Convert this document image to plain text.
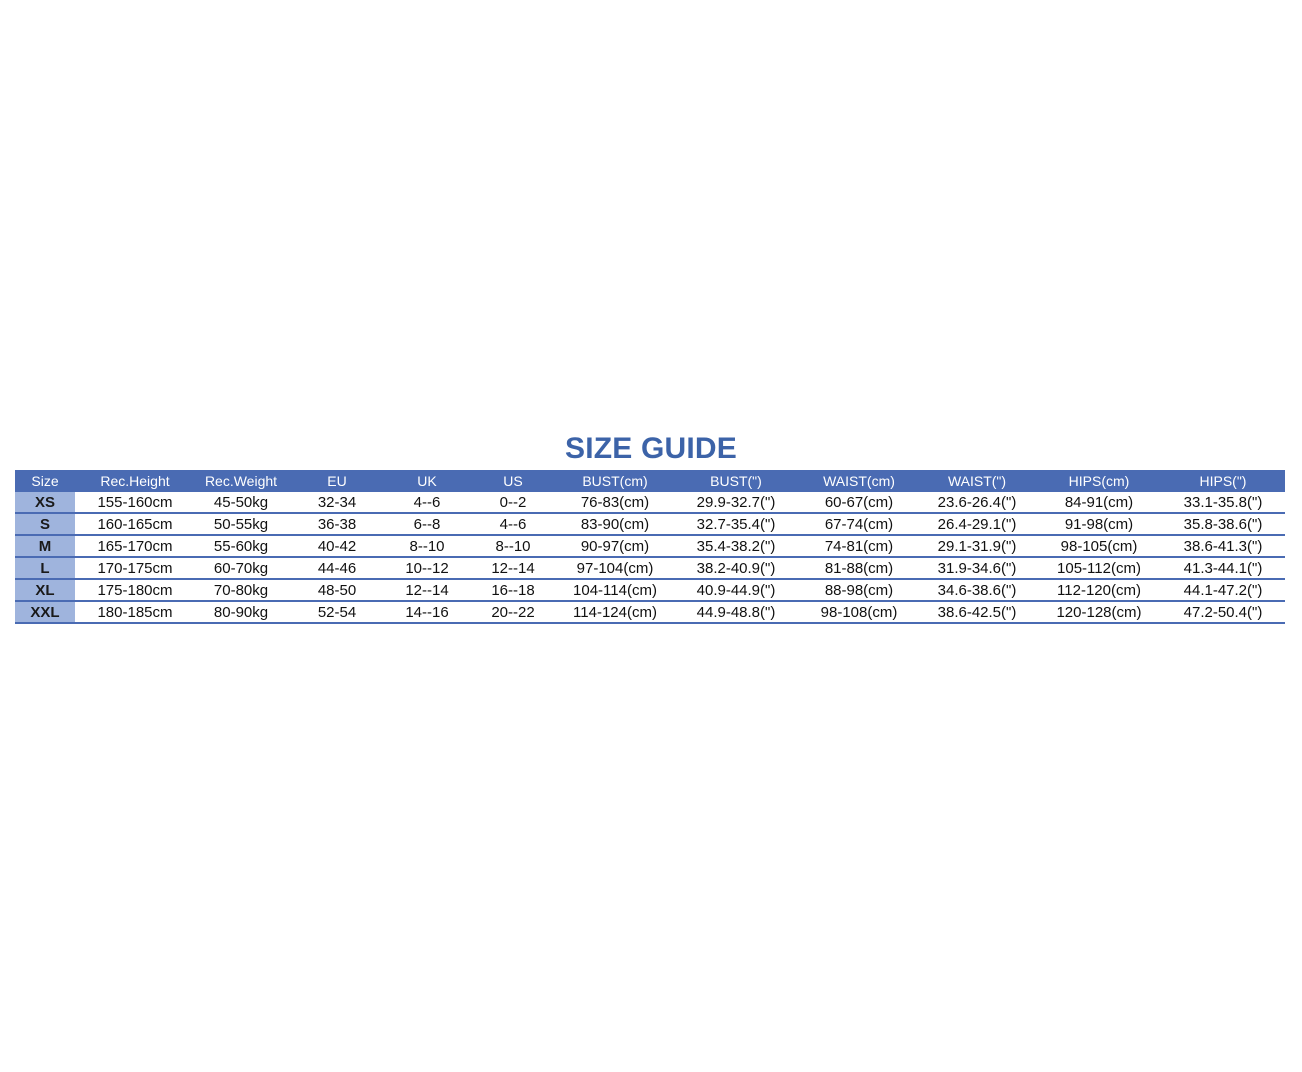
SIZE GUIDE
Size	Rec.Height	Rec.Weight	EU	UK	US	BUST(cm)	BUST(")	WAIST(cm)	WAIST(")	HIPS(cm)	HIPS(")
XS	155-160cm	45-50kg	32-34	4--6	0--2	76-83(cm)	29.9-32.7(")	60-67(cm)	23.6-26.4(")	84-91(cm)	33.1-35.8(")
S	160-165cm	50-55kg	36-38	6--8	4--6	83-90(cm)	32.7-35.4(")	67-74(cm)	26.4-29.1(")	91-98(cm)	35.8-38.6(")
M	165-170cm	55-60kg	40-42	8--10	8--10	90-97(cm)	35.4-38.2(")	74-81(cm)	29.1-31.9(")	98-105(cm)	38.6-41.3(")
L	170-175cm	60-70kg	44-46	10--12	12--14	97-104(cm)	38.2-40.9(")	81-88(cm)	31.9-34.6(")	105-112(cm)	41.3-44.1(")
XL	175-180cm	70-80kg	48-50	12--14	16--18	104-114(cm)	40.9-44.9(")	88-98(cm)	34.6-38.6(")	112-120(cm)	44.1-47.2(")
XXL	180-185cm	80-90kg	52-54	14--16	20--22	114-124(cm)	44.9-48.8(")	98-108(cm)	38.6-42.5(")	120-128(cm)	47.2-50.4(")
